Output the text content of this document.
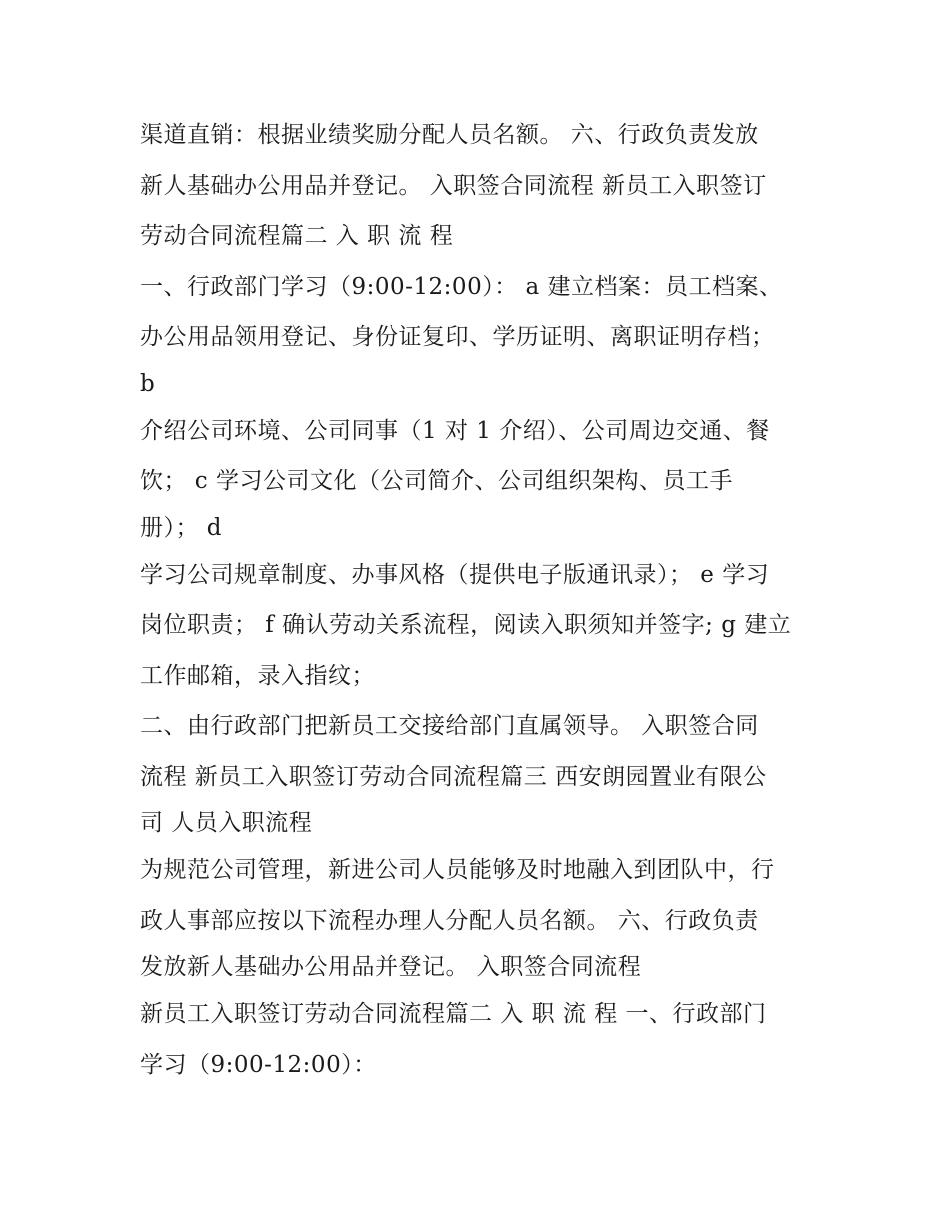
渠道直销：根据业绩奖励分配人员名额。 六、行政负责发放
新人基础办公用品并登记。 入职签合同流程 新员工入职签订
劳动合同流程篇二 入 职 流 程
一、行政部门学习（9:00-12:00）： a 建立档案：员工档案、
办公用品领用登记、身份证复印、学历证明、离职证明存档；
b
介绍公司环境、公司同事（1 对 1 介绍）、公司周边交通、餐
饮； c 学习公司文化（公司简介、公司组织架构、员工手
册）； d
学习公司规章制度、办事风格（提供电子版通讯录）； e 学习
岗位职责； f 确认劳动关系流程，阅读入职须知并签字; g 建立
工作邮箱，录入指纹；
二、由行政部门把新员工交接给部门直属领导。 入职签合同
流程 新员工入职签订劳动合同流程篇三 西安朗园置业有限公
司 人员入职流程
为规范公司管理，新进公司人员能够及时地融入到团队中，行
政人事部应按以下流程办理人分配人员名额。 六、行政负责
发放新人基础办公用品并登记。 入职签合同流程
新员工入职签订劳动合同流程篇二 入 职 流 程 一、行政部门
学习（9:00-12:00）：
